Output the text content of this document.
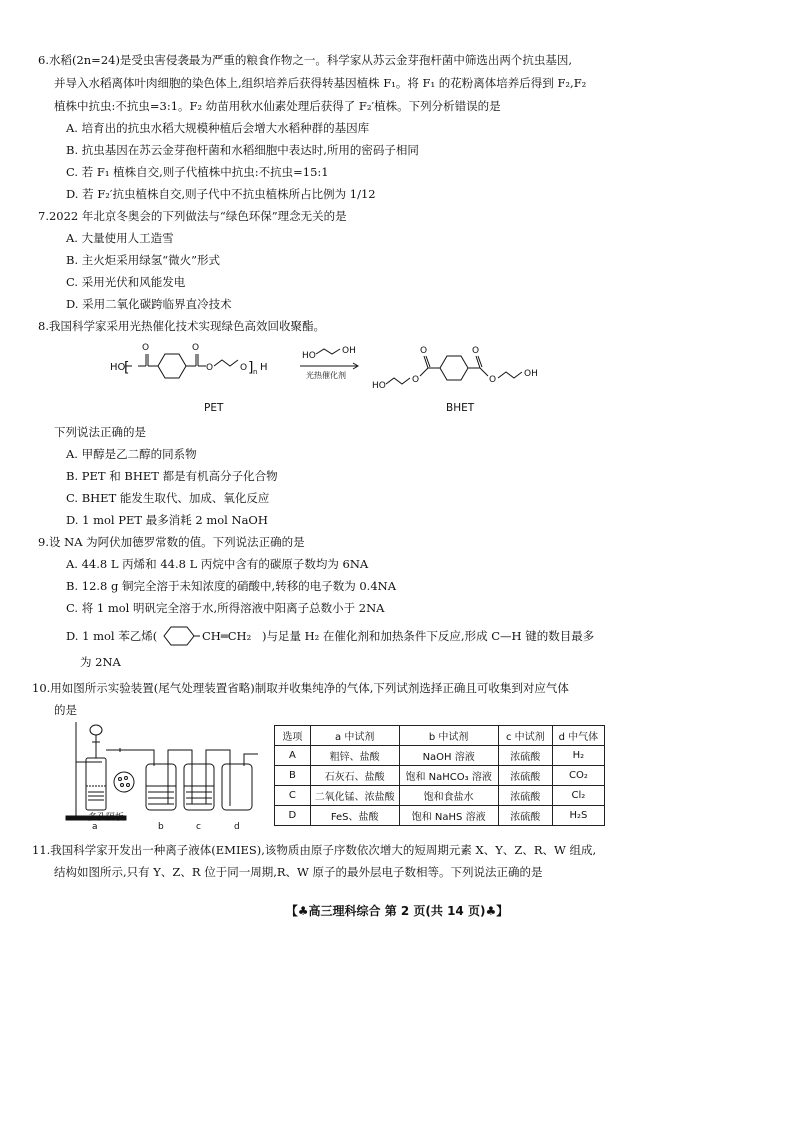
6.水稻(2n=24)是受虫害侵袭最为严重的粮食作物之一。科学家从苏云金芽孢杆菌中筛选出两个抗虫基因,
并导入水稻离体叶肉细胞的染色体上,组织培养后获得转基因植株 F₁。将 F₁ 的花粉离体培养后得到 F₂,F₂
植株中抗虫:不抗虫=3:1。F₂ 幼苗用秋水仙素处理后获得了 F₂′植株。下列分析错误的是
A. 培育出的抗虫水稻大规模种植后会增大水稻种群的基因库
B. 抗虫基因在苏云金芽孢杆菌和水稻细胞中表达时,所用的密码子相同
C. 若 F₁ 植株自交,则子代植株中抗虫:不抗虫=15:1
D. 若 F₂′抗虫植株自交,则子代中不抗虫植株所占比例为 1/12
7.2022 年北京冬奥会的下列做法与“绿色环保”理念无关的是
A. 大量使用人工造雪
B. 主火炬采用绿氢“微火”形式
C. 采用光伏和风能发电
D. 采用二氧化碳跨临界直冷技术
8.我国科学家采用光热催化技术实现绿色高效回收聚酯。
HO
[
O	O
O	O ] n H
HO	OH
光热催化剂
HO
O
O	O
O
OH
PET	BHET
下列说法正确的是
A. 甲醇是乙二醇的同系物
B. PET 和 BHET 都是有机高分子化合物
C. BHET 能发生取代、加成、氧化反应
D. 1 mol PET 最多消耗 2 mol NaOH
9.设 NA 为阿伏加德罗常数的值。下列说法正确的是
A. 44.8 L 丙烯和 44.8 L 丙烷中含有的碳原子数均为 6NA
B. 12.8 g 铜完全溶于未知浓度的硝酸中,转移的电子数为 0.4NA
C. 将 1 mol 明矾完全溶于水,所得溶液中阳离子总数小于 2NA
D. 1 mol 苯乙烯(	CH═CH₂ )与足量 H₂ 在催化剂和加热条件下反应,形成 C—H 键的数目最多
为 2NA
10.用如图所示实验装置(尾气处理装置省略)制取并收集纯净的气体,下列试剂选择正确且可收集到对应气体
的是
多孔隔板
a	b	c	d
选项	a 中试剂	b 中试剂	c 中试剂	d 中气体
A	粗锌、盐酸	NaOH 溶液	浓硫酸	H₂
B	石灰石、盐酸	饱和 NaHCO₃ 溶液	浓硫酸	CO₂
C	二氧化锰、浓盐酸	饱和食盐水	浓硫酸	Cl₂
D	FeS、盐酸	饱和 NaHS 溶液	浓硫酸	H₂S
11.我国科学家开发出一种离子液体(EMIES),该物质由原子序数依次增大的短周期元素 X、Y、Z、R、W 组成,
结构如图所示,只有 Y、Z、R 位于同一周期,R、W 原子的最外层电子数相等。下列说法正确的是
【♣高三理科综合 第 2 页(共 14 页)♣】
